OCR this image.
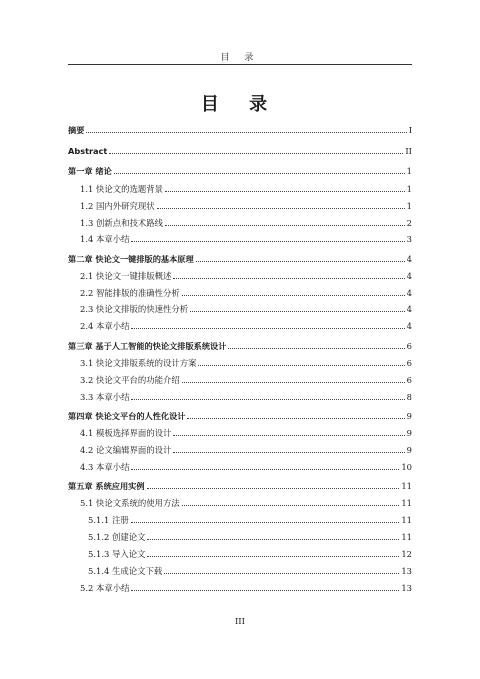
目 录
目 录
摘要	I
Abstract	II
第一章 绪论	1
1.1 快论文的选题背景	1
1.2 国内外研究现状	1
1.3 创新点和技术路线	2
1.4 本章小结	3
第二章 快论文一键排版的基本原理	4
2.1 快论文一键排版概述	4
2.2 智能排版的准确性分析	4
2.3 快论文排版的快速性分析	4
2.4 本章小结	4
第三章 基于人工智能的快论文排版系统设计	6
3.1 快论文排版系统的设计方案	6
3.2 快论文平台的功能介绍	6
3.3 本章小结	8
第四章 快论文平台的人性化设计	9
4.1 模板选择界面的设计	9
4.2 论文编辑界面的设计	9
4.3 本章小结	10
第五章 系统应用实例	11
5.1 快论文系统的使用方法	11
5.1.1 注册	11
5.1.2 创建论文	11
5.1.3 导入论文	12
5.1.4 生成论文下载	13
5.2 本章小结	13
III
